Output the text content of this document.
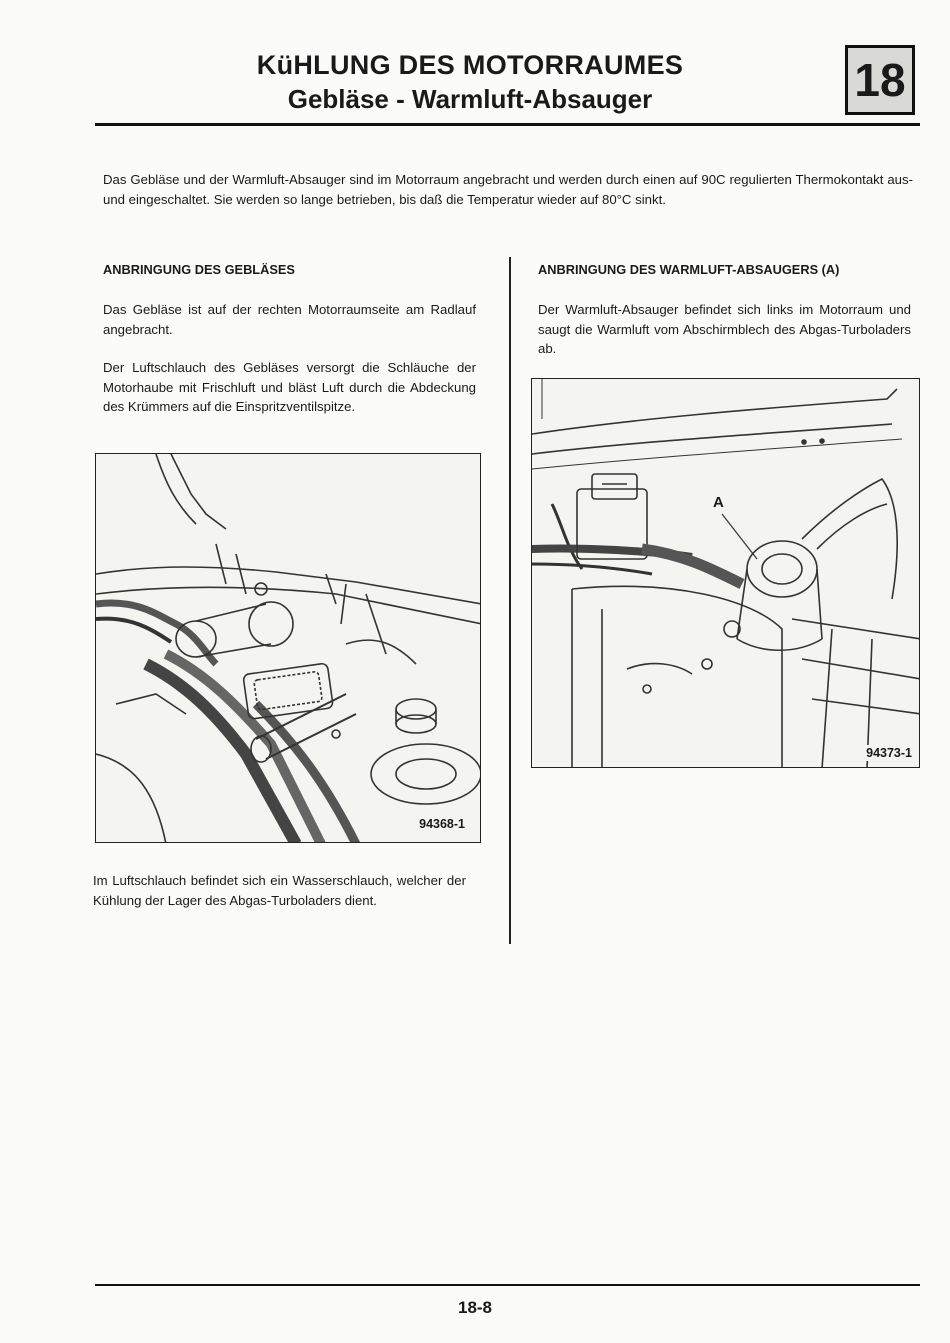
KüHLUNG DES MOTORRAUMES
Gebläse - Warmluft-Absauger	18
Das Gebläse und der Warmluft-Absauger sind im Motorraum angebracht und werden durch einen auf 90C regulierten Thermokontakt aus- und eingeschaltet. Sie werden so lange betrieben, bis daß die Temperatur wieder auf 80°C sinkt.
ANBRINGUNG DES GEBLÄSES
Das Gebläse ist auf der rechten Motorraumseite am Radlauf angebracht.
Der Luftschlauch des Gebläses versorgt die Schläuche der Motorhaube mit Frischluft und bläst Luft durch die Abdeckung des Krümmers auf die Einspritzventilspitze.
94368-1
Im Luftschlauch befindet sich ein Wasserschlauch, welcher der Kühlung der Lager des Abgas-Turboladers dient.
ANBRINGUNG DES WARMLUFT-ABSAUGERS (A)
Der Warmluft-Absauger befindet sich links im Motorraum und saugt die Warmluft vom Abschirmblech des Abgas-Turboladers ab.
A
94373-1
18-8
